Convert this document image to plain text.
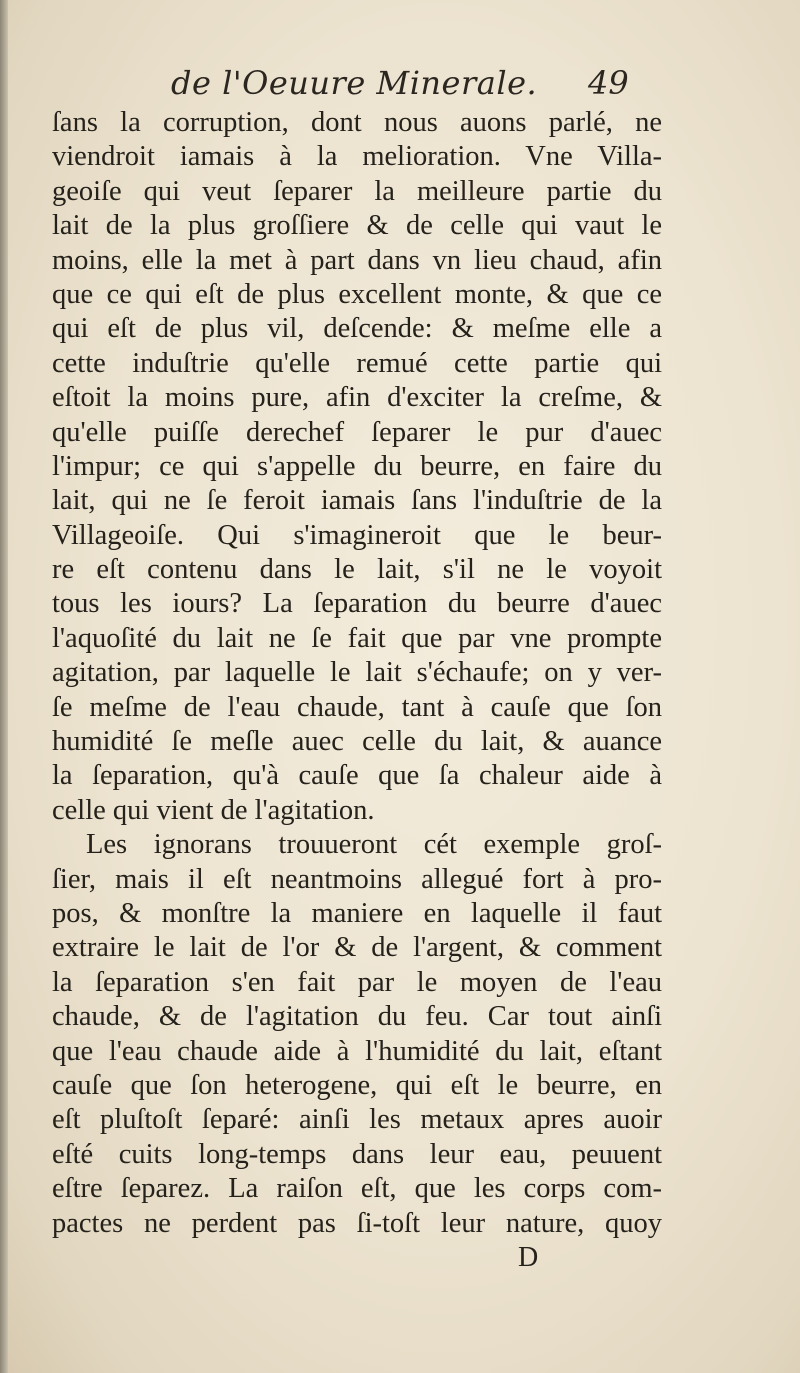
de l'Oeuure Minerale. 49
ſans la corruption, dont nous auons parlé, ne
viendroit iamais à la melioration. Vne Villa-
geoiſe qui veut ſeparer la meilleure partie du
lait de la plus groſſiere & de celle qui vaut le
moins, elle la met à part dans vn lieu chaud, afin
que ce qui eſt de plus excellent monte, & que ce
qui eſt de plus vil, deſcende: & meſme elle a
cette induſtrie qu'elle remué cette partie qui
eſtoit la moins pure, afin d'exciter la creſme, &
qu'elle puiſſe derechef ſeparer le pur d'auec
l'impur; ce qui s'appelle du beurre, en faire du
lait, qui ne ſe feroit iamais ſans l'induſtrie de la
Villageoiſe. Qui s'imagineroit que le beur-
re eſt contenu dans le lait, s'il ne le voyoit
tous les iours? La ſeparation du beurre d'auec
l'aquoſité du lait ne ſe fait que par vne prompte
agitation, par laquelle le lait s'échaufe; on y ver-
ſe meſme de l'eau chaude, tant à cauſe que ſon
humidité ſe meſle auec celle du lait, & auance
la ſeparation, qu'à cauſe que ſa chaleur aide à
celle qui vient de l'agitation.
Les ignorans trouueront cét exemple groſ-
ſier, mais il eſt neantmoins allegué fort à pro-
pos, & monſtre la maniere en laquelle il faut
extraire le lait de l'or & de l'argent, & comment
la ſeparation s'en fait par le moyen de l'eau
chaude, & de l'agitation du feu. Car tout ainſi
que l'eau chaude aide à l'humidité du lait, eſtant
cauſe que ſon heterogene, qui eſt le beurre, en
eſt pluſtoſt ſeparé: ainſi les metaux apres auoir
eſté cuits long-temps dans leur eau, peuuent
eſtre ſeparez. La raiſon eſt, que les corps com-
pactes ne perdent pas ſi-toſt leur nature, quoy
D
